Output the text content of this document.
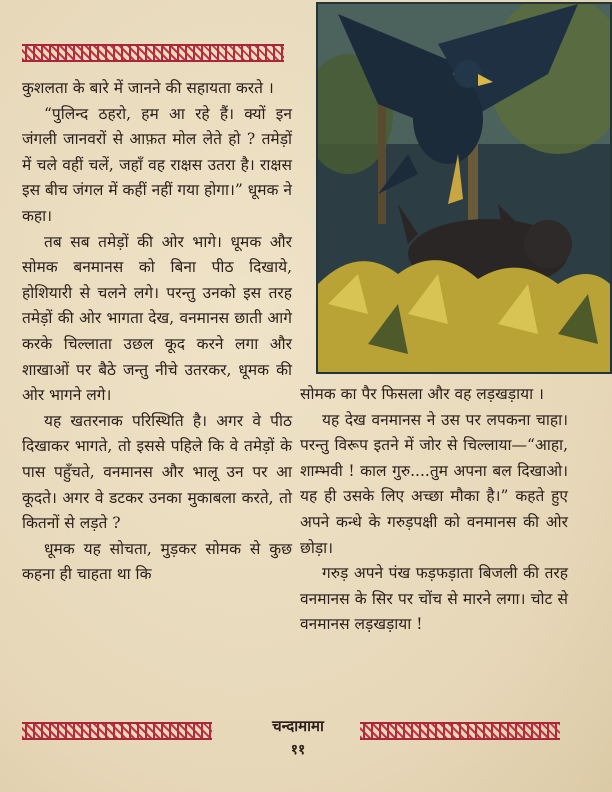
कुशलता के बारे में जानने की सहायता करते ।

“पुलिन्द ठहरो, हम आ रहे हैं। क्यों इन जंगली जानवरों से आफ़त मोल लेते हो ? तमेड़ों में चले वहीं चलें, जहाँ वह राक्षस उतरा है। राक्षस इस बीच जंगल में कहीं नहीं गया होगा।” धूमक ने कहा।

तब सब तमेड़ों की ओर भागे। धूमक और सोमक बनमानस को बिना पीठ दिखाये, होशियारी से चलने लगे। परन्तु उनको इस तरह तमेड़ों की ओर भागता देख, वनमानस छाती आगे करके चिल्लाता उछल कूद करने लगा और शाखाओं पर बैठे जन्तु नीचे उतरकर, धूमक की ओर भागने लगे।

यह खतरनाक परिस्थिति है। अगर वे पीठ दिखाकर भागते, तो इससे पहिले कि वे तमेड़ों के पास पहुँचते, वनमानस और भालू उन पर आ कूदते। अगर वे डटकर उनका मुकाबला करते, तो कितनों से लड़ते ?

धूमक यह सोचता, मुड़कर सोमक से कुछ कहना ही चाहता था कि

सोमक का पैर फिसला और वह लड़खड़ाया ।

यह देख वनमानस ने उस पर लपकना चाहा। परन्तु विरूप इतने में जोर से चिल्लाया—“आहा, शाम्भवी ! काल गुरु....तुम अपना बल दिखाओ। यह ही उसके लिए अच्छा मौका है।” कहते हुए अपने कन्धे के गरुड़पक्षी को वनमानस की ओर छोड़ा।

गरुड़ अपने पंख फड़फड़ाता बिजली की तरह वनमानस के सिर पर चोंच से मारने लगा। चोट से वनमानस लड़खड़ाया !

चन्दामामा
११
